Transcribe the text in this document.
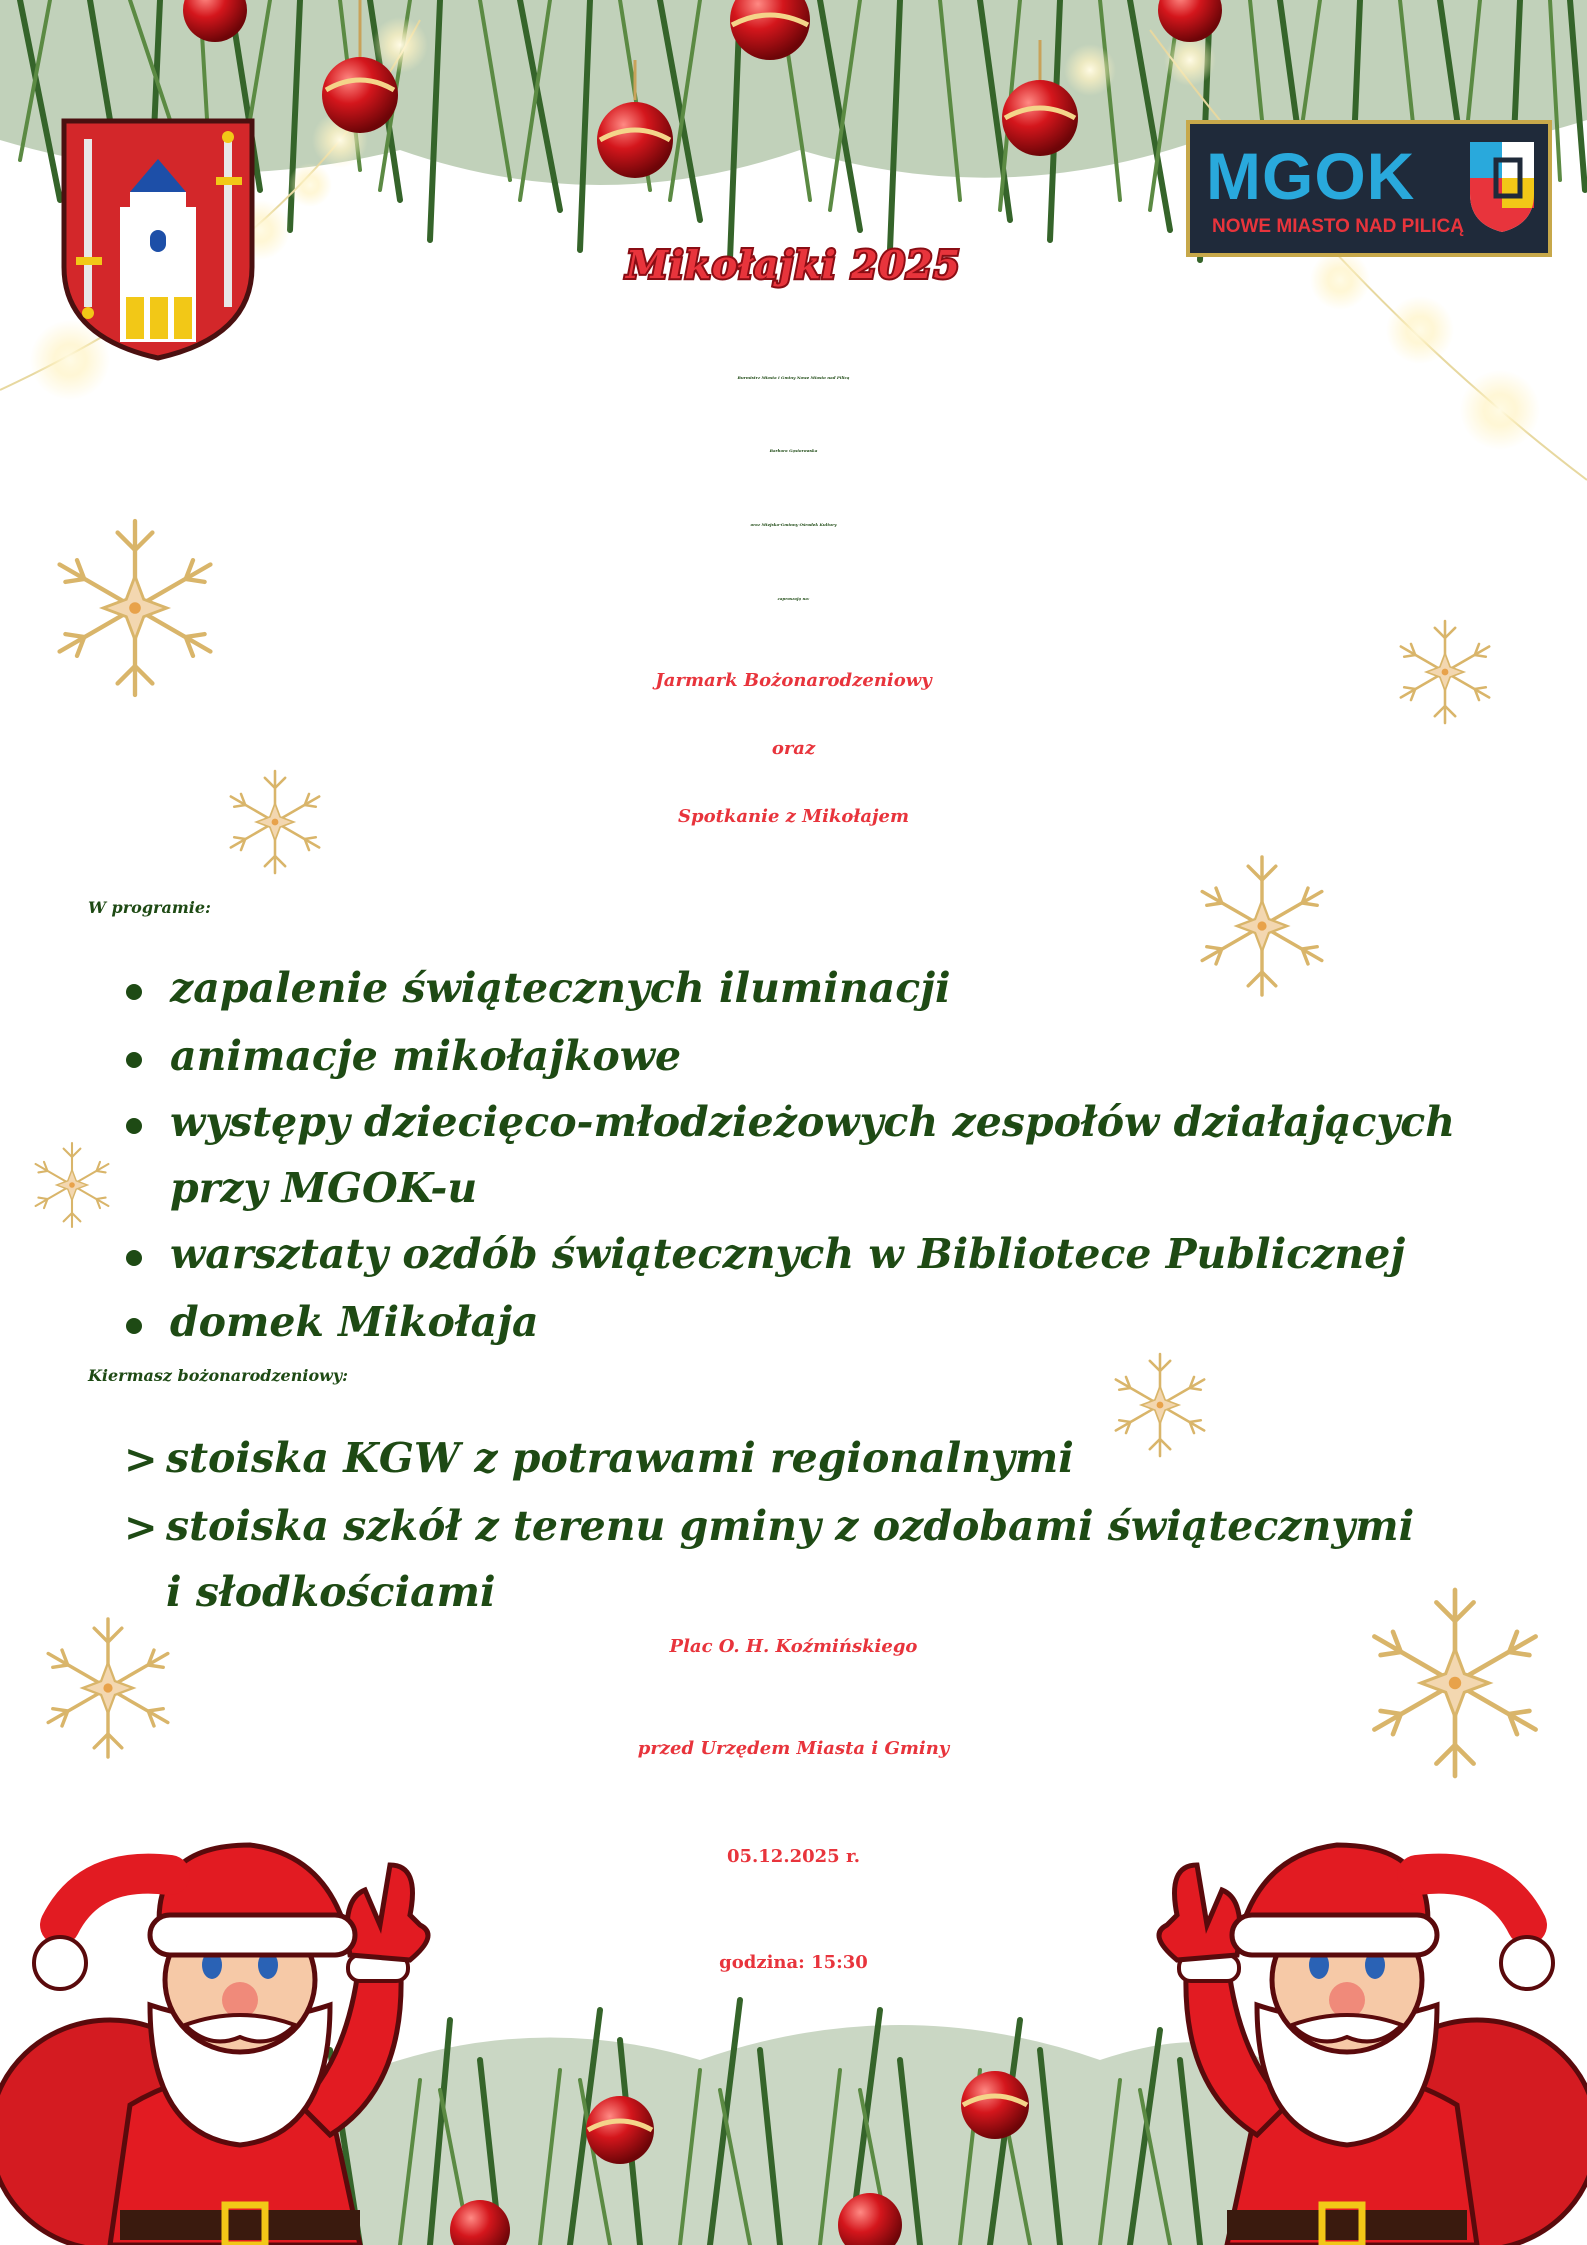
MGOK
NOWE MIASTO NAD PILICĄ
Mikołajki 2025
Burmistrz Miasta i Gminy Nowe Miasto nad Pilicą
Barbara Gąsiorowska
oraz Miejsko-Gminny Ośrodek Kultury
zapraszają na:
Jarmark Bożonarodzeniowy
oraz
Spotkanie z Mikołajem
W programie:
zapalenie świątecznych iluminacji
animacje mikołajkowe
występy dziecięco-młodzieżowych zespołów działających
przy MGOK-u
warsztaty ozdób świątecznych w Bibliotece Publicznej
domek Mikołaja
Kiermasz bożonarodzeniowy:
> stoiska KGW z potrawami regionalnymi
> stoiska szkół z terenu gminy z ozdobami świątecznymi
i słodkościami
Plac O. H. Koźmińskiego
przed Urzędem Miasta i Gminy
05.12.2025 r.
godzina: 15:30
